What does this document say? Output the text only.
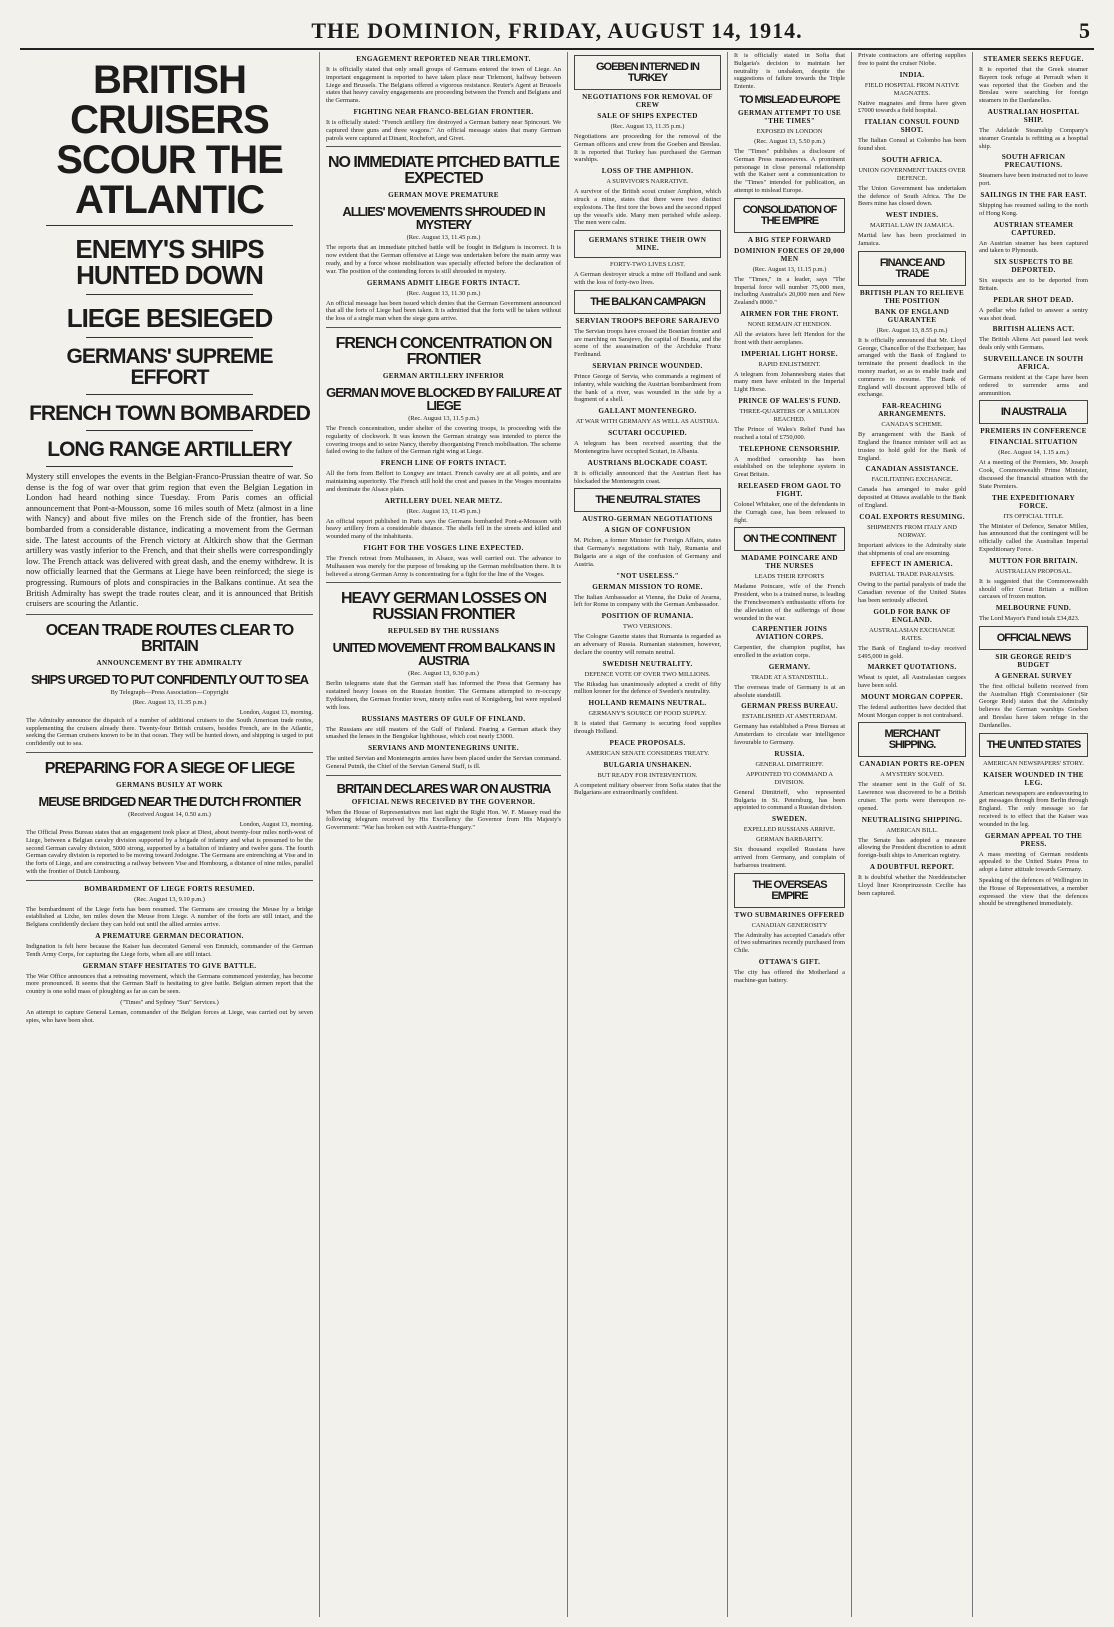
THE DOMINION, FRIDAY, AUGUST 14, 1914.	5
BRITISH CRUISERS SCOUR THE ATLANTIC
ENEMY'S SHIPS HUNTED DOWN
LIEGE BESIEGED
GERMANS' SUPREME EFFORT
FRENCH TOWN BOMBARDED
LONG RANGE ARTILLERY

Mystery still envelopes the events in the Belgian-Franco-Prussian theatre of war. So dense is the fog of war over that grim region that even the Belgian Legation in London had heard nothing since Tuesday. From Paris comes an official announcement that Pont-a-Mousson, some 16 miles south of Metz (almost in a line with Nancy) and about five miles on the French side of the frontier, has been bombarded from a considerable distance, indicating a movement from the German side. The latest accounts of the French victory at Altkirch show that the German artillery was vastly inferior to the French, and that their shells were correspondingly low. The French attack was delivered with great dash, and the enemy withdrew. It is now officially learned that the Germans at Liege have been reinforced; the siege is progressing. Rumours of plots and conspiracies in the Balkans continue. At sea the British Admiralty has swept the trade routes clear, and it is announced that British cruisers are scouring the Atlantic.

OCEAN TRADE ROUTES CLEAR TO BRITAIN
ANNOUNCEMENT BY THE ADMIRALTY
SHIPS URGED TO PUT CONFIDENTLY OUT TO SEA
By Telegraph—Press Association—Copyright
(Rec. August 13, 11.35 p.m.)
London, August 13, morning.

The Admiralty announce the dispatch of a number of additional cruisers to the South American trade routes, supplementing the cruisers already there. Twenty-four British cruisers, besides French, are in the Atlantic, seeking the German cruisers known to be in that ocean. They will be hunted down, and shipping is urged to put confidently out to sea.

PREPARING FOR A SIEGE OF LIEGE
GERMANS BUSILY AT WORK
MEUSE BRIDGED NEAR THE DUTCH FRONTIER
(Received August 14, 0.50 a.m.)
London, August 13, morning.

The Official Press Bureau states that an engagement took place at Diest, about twenty-four miles north-west of Liege, between a Belgian cavalry division supported by a brigade of infantry and what is presumed to be the second German cavalry division, 5000 strong, supported by a battalion of infantry and twelve guns. The fourth German cavalry division is reported to be moving toward Jodoigne. The Germans are entrenching at Vise and in the forts of Liege, and are constructing a railway between Vise and Hombourg, a distance of nine miles, parallel with the frontier of Dutch Limbourg.

BOMBARDMENT OF LIEGE FORTS RESUMED.
(Rec. August 13, 9.10 p.m.)

The bombardment of the Liege forts has been resumed. The Germans are crossing the Meuse by a bridge established at Lixhe, ten miles down the Meuse from Liege. A number of the forts are still intact, and the Belgians confidently declare they can hold out until the allied armies arrive.

A PREMATURE GERMAN DECORATION.

Indignation is felt here because the Kaiser has decorated General von Emmich, commander of the German Tenth Army Corps, for capturing the Liege forts, when all are still intact.

GERMAN STAFF HESITATES TO GIVE BATTLE.

The War Office announces that a retreating movement, which the Germans commenced yesterday, has become more pronounced. It seems that the German Staff is hesitating to give battle. Belgian airmen report that the country is one solid mass of ploughing as far as can be seen.

("Times" and Sydney "Sun" Services.)

An attempt to capture General Leman, commander of the Belgian forces at Liege, was carried out by seven spies, who have been shot.

ENGAGEMENT REPORTED NEAR TIRLEMONT.

It is officially stated that only small groups of Germans entered the town of Liege. An important engagement is reported to have taken place near Tirlemont, halfway between Liege and Brussels. The Belgians offered a vigorous resistance. Reuter's Agent at Brussels states that heavy cavalry engagements are proceeding between the French and Belgians and the Germans.

FIGHTING NEAR FRANCO-BELGIAN FRONTIER.

It is officially stated: "French artillery fire destroyed a German battery near Spincourt. We captured three guns and three wagons." An official message states that many German patrols were captured at Dinant, Rochefort, and Givet.

NO IMMEDIATE PITCHED BATTLE EXPECTED
GERMAN MOVE PREMATURE
ALLIES' MOVEMENTS SHROUDED IN MYSTERY
(Rec. August 13, 11.45 p.m.)

The reports that an immediate pitched battle will be fought in Belgium is incorrect. It is now evident that the German offensive at Liege was undertaken before the main army was ready, and by a force whose mobilisation was specially effected before the declaration of war. The position of the contending forces is still shrouded in mystery.

GERMANS ADMIT LIEGE FORTS INTACT.
(Rec. August 13, 11.30 p.m.)

An official message has been issued which denies that the German Government announced that all the forts of Liege had been taken. It is admitted that the forts will be taken without the loss of a single man when the siege guns arrive.

FRENCH CONCENTRATION ON FRONTIER
GERMAN ARTILLERY INFERIOR
GERMAN MOVE BLOCKED BY FAILURE AT LIEGE
(Rec. August 13, 11.5 p.m.)

The French concentration, under shelter of the covering troops, is proceeding with the regularity of clockwork. It was known the German strategy was intended to pierce the covering troops and to seize Nancy, thereby disorganising French mobilisation. The scheme failed owing to the failure of the German right wing at Liege.

FRENCH LINE OF FORTS INTACT.

All the forts from Belfort to Longwy are intact. French cavalry are at all points, and are maintaining superiority. The French still hold the crest and passes in the Vosges mountains and dominate the Alsace plain.

ARTILLERY DUEL NEAR METZ.
(Rec. August 13, 11.45 p.m.)

An official report published in Paris says the Germans bombarded Pont-a-Mousson with heavy artillery from a considerable distance. The shells fell in the streets and killed and wounded many of the inhabitants.

FIGHT FOR THE VOSGES LINE EXPECTED.

The French retreat from Mulhausen, in Alsace, was well carried out. The advance to Mulhausen was merely for the purpose of breaking up the German mobilisation there. It is believed a strong German Army is concentrating for a fight for the line of the Vosges.

HEAVY GERMAN LOSSES ON RUSSIAN FRONTIER
REPULSED BY THE RUSSIANS
UNITED MOVEMENT FROM BALKANS IN AUSTRIA
(Rec. August 13, 9.30 p.m.)

Berlin telegrams state that the German staff has informed the Press that Germany has sustained heavy losses on the Russian frontier. The Germans attempted to re-occupy Eydtkuhnen, the German frontier town, ninety miles east of Konigsberg, but were repulsed with loss.

RUSSIANS MASTERS OF GULF OF FINLAND.

The Russians are still masters of the Gulf of Finland. Fearing a German attack they smashed the lenses in the Bengtskar lighthouse, which cost nearly £3000.

SERVIANS AND MONTENEGRINS UNITE.

The united Servian and Montenegrin armies have been placed under the Servian command. General Putnik, the Chief of the Servian General Staff, is ill.

BRITAIN DECLARES WAR ON AUSTRIA
OFFICIAL NEWS RECEIVED BY THE GOVERNOR.

When the House of Representatives met last night the Right Hon. W. F. Massey read the following telegram received by His Excellency the Governor from His Majesty's Government: "War has broken out with Austria-Hungary."

GOEBEN INTERNED IN TURKEY
NEGOTIATIONS FOR REMOVAL OF CREW
SALE OF SHIPS EXPECTED
(Rec. August 13, 11.35 p.m.)

Negotiations are proceeding for the removal of the German officers and crew from the Goeben and Breslau. It is reported that Turkey has purchased the German warships.

LOSS OF THE AMPHION.
A SURVIVOR'S NARRATIVE.

A survivor of the British scout cruiser Amphion, which struck a mine, states that there were two distinct explosions. The first tore the bows and the second ripped up the vessel's side. Many men perished while asleep. The men were calm.

GERMANS STRIKE THEIR OWN MINE.
FORTY-TWO LIVES LOST.

A German destroyer struck a mine off Holland and sank with the loss of forty-two lives.

THE BALKAN CAMPAIGN
SERVIAN TROOPS BEFORE SARAJEVO

The Servian troops have crossed the Bosnian frontier and are marching on Sarajevo, the capital of Bosnia, and the scene of the assassination of the Archduke Franz Ferdinand.

SERVIAN PRINCE WOUNDED.

Prince George of Servia, who commands a regiment of infantry, while watching the Austrian bombardment from the bank of a river, was wounded in the side by a fragment of a shell.

GALLANT MONTENEGRO.
AT WAR WITH GERMANY AS WELL AS AUSTRIA.
SCUTARI OCCUPIED.

A telegram has been received asserting that the Montenegrins have occupied Scutari, in Albania.

AUSTRIANS BLOCKADE COAST.

It is officially announced that the Austrian fleet has blockaded the Montenegrin coast.

THE NEUTRAL STATES
AUSTRO-GERMAN NEGOTIATIONS
A SIGN OF CONFUSION

M. Pichon, a former Minister for Foreign Affairs, states that Germany's negotiations with Italy, Rumania and Bulgaria are a sign of the confusion of Germany and Austria.

"NOT USELESS."
GERMAN MISSION TO ROME.

The Italian Ambassador at Vienna, the Duke of Avarna, left for Rome in company with the German Ambassador.

POSITION OF RUMANIA.
TWO VERSIONS.

The Cologne Gazette states that Rumania is regarded as an adversary of Russia. Rumanian statesmen, however, declare the country will remain neutral.

SWEDISH NEUTRALITY.
DEFENCE VOTE OF OVER TWO MILLIONS.

The Riksdag has unanimously adopted a credit of fifty million kroner for the defence of Sweden's neutrality.

HOLLAND REMAINS NEUTRAL.
GERMANY'S SOURCE OF FOOD SUPPLY.

It is stated that Germany is securing food supplies through Holland.

PEACE PROPOSALS.
AMERICAN SENATE CONSIDERS TREATY.
BULGARIA UNSHAKEN.
BUT READY FOR INTERVENTION.

A competent military observer from Sofia states that the Bulgarians are extraordinarily confident.

It is officially stated in Sofia that Bulgaria's decision to maintain her neutrality is unshaken, despite the suggestions of failure towards the Triple Entente.

TO MISLEAD EUROPE
GERMAN ATTEMPT TO USE "THE TIMES"
EXPOSED IN LONDON
(Rec. August 13, 5.50 p.m.)

The "Times" publishes a disclosure of German Press manoeuvres. A prominent personage in close personal relationship with the Kaiser sent a communication to the "Times" intended for publication, an attempt to mislead Europe.

CONSOLIDATION OF THE EMPIRE
A BIG STEP FORWARD
DOMINION FORCES OF 20,000 MEN
(Rec. August 13, 11.15 p.m.)

The "Times," in a leader, says "The Imperial force will number 75,000 men, including Australia's 20,000 men and New Zealand's 8000."

AIRMEN FOR THE FRONT.
NONE REMAIN AT HENDON.

All the aviators have left Hendon for the front with their aeroplanes.

IMPERIAL LIGHT HORSE.
RAPID ENLISTMENT.

A telegram from Johannesburg states that many men have enlisted in the Imperial Light Horse.

PRINCE OF WALES'S FUND.
THREE-QUARTERS OF A MILLION REACHED.

The Prince of Wales's Relief Fund has reached a total of £750,000.

TELEPHONE CENSORSHIP.

A modified censorship has been established on the telephone system in Great Britain.

RELEASED FROM GAOL TO FIGHT.

Colonel Whitaker, one of the defendants in the Curragh case, has been released to fight.

ON THE CONTINENT
MADAME POINCARE AND THE NURSES
LEADS THEIR EFFORTS

Madame Poincare, wife of the French President, who is a trained nurse, is leading the Frenchwomen's enthusiastic efforts for the alleviation of the sufferings of those wounded in the war.

CARPENTIER JOINS AVIATION CORPS.

Carpentier, the champion pugilist, has enrolled in the aviation corps.

GERMANY.
TRADE AT A STANDSTILL.

The overseas trade of Germany is at an absolute standstill.

GERMAN PRESS BUREAU.
ESTABLISHED AT AMSTERDAM.

Germany has established a Press Bureau at Amsterdam to circulate war intelligence favourable to Germany.

RUSSIA.
GENERAL DIMITRIEFF.
APPOINTED TO COMMAND A DIVISION.

General Dimitrieff, who represented Bulgaria in St. Petersburg, has been appointed to command a Russian division.

SWEDEN.
EXPELLED RUSSIANS ARRIVE.
GERMAN BARBARITY.

Six thousand expelled Russians have arrived from Germany, and complain of barbarous treatment.

THE OVERSEAS EMPIRE
TWO SUBMARINES OFFERED
CANADIAN GENEROSITY

The Admiralty has accepted Canada's offer of two submarines recently purchased from Chile.

OTTAWA'S GIFT.

The city has offered the Motherland a machine-gun battery.

Private contractors are offering supplies free to paint the cruiser Niobe.

INDIA.
FIELD HOSPITAL FROM NATIVE MAGNATES.

Native magnates and firms have given £7000 towards a field hospital.

ITALIAN CONSUL FOUND SHOT.

The Italian Consul at Colombo has been found shot.

SOUTH AFRICA.
UNION GOVERNMENT TAKES OVER DEFENCE.

The Union Government has undertaken the defence of South Africa. The De Beers mine has closed down.

WEST INDIES.
MARTIAL LAW IN JAMAICA.

Martial law has been proclaimed in Jamaica.

FINANCE AND TRADE
BRITISH PLAN TO RELIEVE THE POSITION
BANK OF ENGLAND GUARANTEE
(Rec. August 13, 8.55 p.m.)

It is officially announced that Mr. Lloyd George, Chancellor of the Exchequer, has arranged with the Bank of England to terminate the present deadlock in the money market, so as to enable trade and commerce to resume. The Bank of England will discount approved bills of exchange.

FAR-REACHING ARRANGEMENTS.
CANADA'S SCHEME.

By arrangement with the Bank of England the finance minister will act as trustee to hold gold for the Bank of England.

CANADIAN ASSISTANCE.
FACILITATING EXCHANGE.

Canada has arranged to make gold deposited at Ottawa available to the Bank of England.

COAL EXPORTS RESUMING.
SHIPMENTS FROM ITALY AND NORWAY.

Important advices to the Admiralty state that shipments of coal are resuming.

EFFECT IN AMERICA.
PARTIAL TRADE PARALYSIS.

Owing to the partial paralysis of trade the Canadian revenue of the United States has been seriously affected.

GOLD FOR BANK OF ENGLAND.
AUSTRALASIAN EXCHANGE RATES.

The Bank of England to-day received £495,000 in gold.

MARKET QUOTATIONS.

Wheat is quiet, all Australasian cargoes have been sold.

MOUNT MORGAN COPPER.

The federal authorities have decided that Mount Morgan copper is not contraband.

MERCHANT SHIPPING.
CANADIAN PORTS RE-OPEN
A MYSTERY SOLVED.

The steamer sent in the Gulf of St. Lawrence was discovered to be a British cruiser. The ports were thereupon re-opened.

NEUTRALISING SHIPPING.
AMERICAN BILL.

The Senate has adopted a measure allowing the President discretion to admit foreign-built ships to American registry.

A DOUBTFUL REPORT.

It is doubtful whether the Norddeutscher Lloyd liner Kronprinzessin Cecilie has been captured.

STEAMER SEEKS REFUGE.

It is reported that the Greek steamer Bayern took refuge at Perrault when it was reported that the Goeben and the Breslau were searching for foreign steamers in the Dardanelles.

AUSTRALIAN HOSPITAL SHIP.

The Adelaide Steamship Company's steamer Grantala is refitting as a hospital ship.

SOUTH AFRICAN PRECAUTIONS.

Steamers have been instructed not to leave port.

SAILINGS IN THE FAR EAST.

Shipping has resumed sailing to the north of Hong Kong.

AUSTRIAN STEAMER CAPTURED.

An Austrian steamer has been captured and taken to Plymouth.

SIX SUSPECTS TO BE DEPORTED.

Six suspects are to be deported from Britain.

PEDLAR SHOT DEAD.

A pedlar who failed to answer a sentry was shot dead.

BRITISH ALIENS ACT.

The British Aliens Act passed last week deals only with Germans.

SURVEILLANCE IN SOUTH AFRICA.

Germans resident at the Cape have been ordered to surrender arms and ammunition.

IN AUSTRALIA
PREMIERS IN CONFERENCE
FINANCIAL SITUATION
(Rec. August 14, 1.15 a.m.)

At a meeting of the Premiers, Mr. Joseph Cook, Commonwealth Prime Minister, discussed the financial situation with the State Premiers.

THE EXPEDITIONARY FORCE.
ITS OFFICIAL TITLE.

The Minister of Defence, Senator Millen, has announced that the contingent will be officially called the Australian Imperial Expeditionary Force.

MUTTON FOR BRITAIN.
AUSTRALIAN PROPOSAL.

It is suggested that the Commonwealth should offer Great Britain a million carcases of frozen mutton.

MELBOURNE FUND.

The Lord Mayor's Fund totals £34,823.

OFFICIAL NEWS
SIR GEORGE REID'S BUDGET
A GENERAL SURVEY

The first official bulletin received from the Australian High Commissioner (Sir George Reid) states that the Admiralty believes the German warships Goeben and Breslau have taken refuge in the Dardanelles.

THE UNITED STATES
AMERICAN NEWSPAPERS' STORY.
KAISER WOUNDED IN THE LEG.

American newspapers are endeavouring to get messages through from Berlin through England. The only message so far received is to effect that the Kaiser was wounded in the leg.

GERMAN APPEAL TO THE PRESS.

A mass meeting of German residents appealed to the United States Press to adopt a fairer attitude towards Germany.

Speaking of the defences of Wellington in the House of Representatives, a member expressed the view that the defences should be strengthened immediately.
